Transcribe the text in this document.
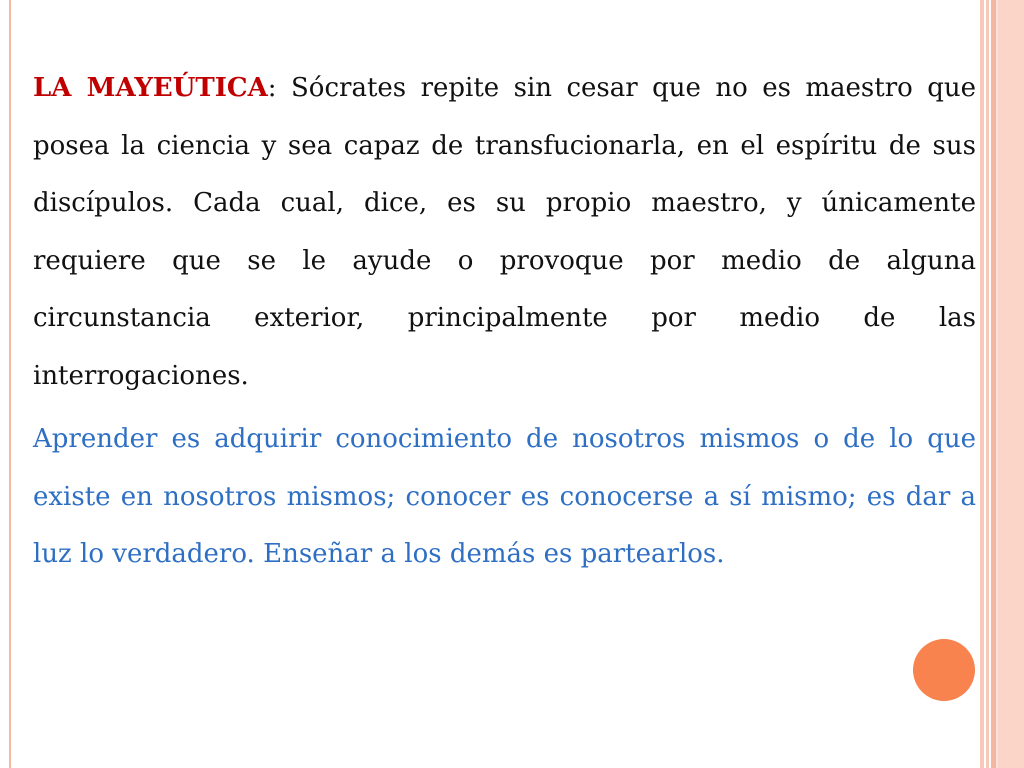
LA MAYEÚTICA: Sócrates repite sin cesar que no es maestro que posea la ciencia y sea capaz de transfucionarla, en el espíritu de sus discípulos. Cada cual, dice, es su propio maestro, y únicamente requiere que se le ayude o provoque por medio de alguna circunstancia exterior, principalmente por medio de las interrogaciones.

Aprender es adquirir conocimiento de nosotros mismos o de lo que existe en nosotros mismos; conocer es conocerse a sí mismo; es dar a luz lo verdadero. Enseñar a los demás es partearlos.
